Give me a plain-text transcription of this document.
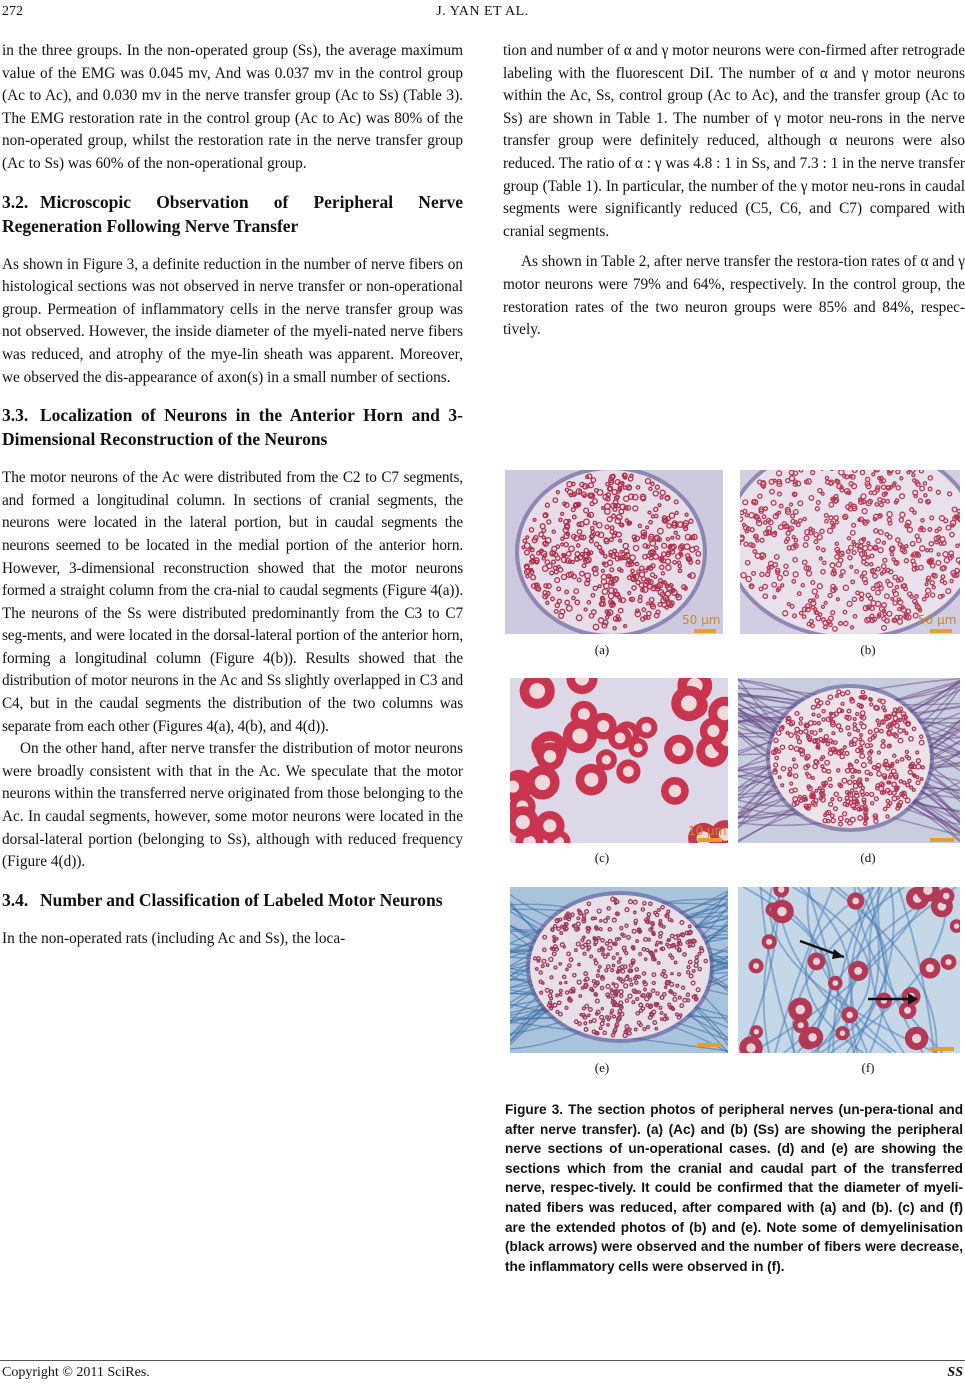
272	J. YAN ET AL.

in the three groups. In the non-operated group (Ss), the average maximum value of the EMG was 0.045 mv, And was 0.037 mv in the control group (Ac to Ac), and 0.030 mv in the nerve transfer group (Ac to Ss) (Table 3). The EMG restoration rate in the control group (Ac to Ac) was 80% of the non-operated group, whilst the restoration rate in the nerve transfer group (Ac to Ss) was 60% of the non-operational group.

3.2. Microscopic Observation of Peripheral Nerve Regeneration Following Nerve Transfer

As shown in Figure 3, a definite reduction in the number of nerve fibers on histological sections was not observed in nerve transfer or non-operational group. Permeation of inflammatory cells in the nerve transfer group was not observed. However, the inside diameter of the myeli-nated nerve fibers was reduced, and atrophy of the mye-lin sheath was apparent. Moreover, we observed the dis-appearance of axon(s) in a small number of sections.

3.3. Localization of Neurons in the Anterior Horn and 3-Dimensional Reconstruction of the Neurons

The motor neurons of the Ac were distributed from the C2 to C7 segments, and formed a longitudinal column. In sections of cranial segments, the neurons were located in the lateral portion, but in caudal segments the neurons seemed to be located in the medial portion of the anterior horn. However, 3-dimensional reconstruction showed that the motor neurons formed a straight column from the cra-nial to caudal segments (Figure 4(a)). The neurons of the Ss were distributed predominantly from the C3 to C7 seg-ments, and were located in the dorsal-lateral portion of the anterior horn, forming a longitudinal column (Figure 4(b)). Results showed that the distribution of motor neurons in the Ac and Ss slightly overlapped in C3 and C4, but in the caudal segments the distribution of the two columns was separate from each other (Figures 4(a), 4(b), and 4(d)).

On the other hand, after nerve transfer the distribution of motor neurons were broadly consistent with that in the Ac. We speculate that the motor neurons within the transferred nerve originated from those belonging to the Ac. In caudal segments, however, some motor neurons were located in the dorsal-lateral portion (belonging to Ss), although with reduced frequency (Figure 4(d)).

3.4. Number and Classification of Labeled Motor Neurons

In the non-operated rats (including Ac and Ss), the loca-

tion and number of α and γ motor neurons were con-firmed after retrograde labeling with the fluorescent DiI. The number of α and γ motor neurons within the Ac, Ss, control group (Ac to Ac), and the transfer group (Ac to Ss) are shown in Table 1. The number of γ motor neu-rons in the nerve transfer group were definitely reduced, although α neurons were also reduced. The ratio of α : γ was 4.8 : 1 in Ss, and 7.3 : 1 in the nerve transfer group (Table 1). In particular, the number of the γ motor neu-rons in caudal segments were significantly reduced (C5, C6, and C7) compared with cranial segments.

As shown in Table 2, after nerve transfer the restora-tion rates of α and γ motor neurons were 79% and 64%, respectively. In the control group, the restoration rates of the two neuron groups were 85% and 84%, respec-tively.

50 μm
(a)
50 μm
(b)
10 μm
(c)	(d)
(e)	(f)
Figure 3. The section photos of peripheral nerves (un-pera-tional and after nerve transfer). (a) (Ac) and (b) (Ss) are showing the peripheral nerve sections of un-operational cases. (d) and (e) are showing the sections which from the cranial and caudal part of the transferred nerve, respec-tively. It could be confirmed that the diameter of myeli-nated fibers was reduced, after compared with (a) and (b). (c) and (f) are the extended photos of (b) and (e). Note some of demyelinisation (black arrows) were observed and the number of fibers were decrease, the inflammatory cells were observed in (f).
Copyright © 2011 SciRes.	SS
